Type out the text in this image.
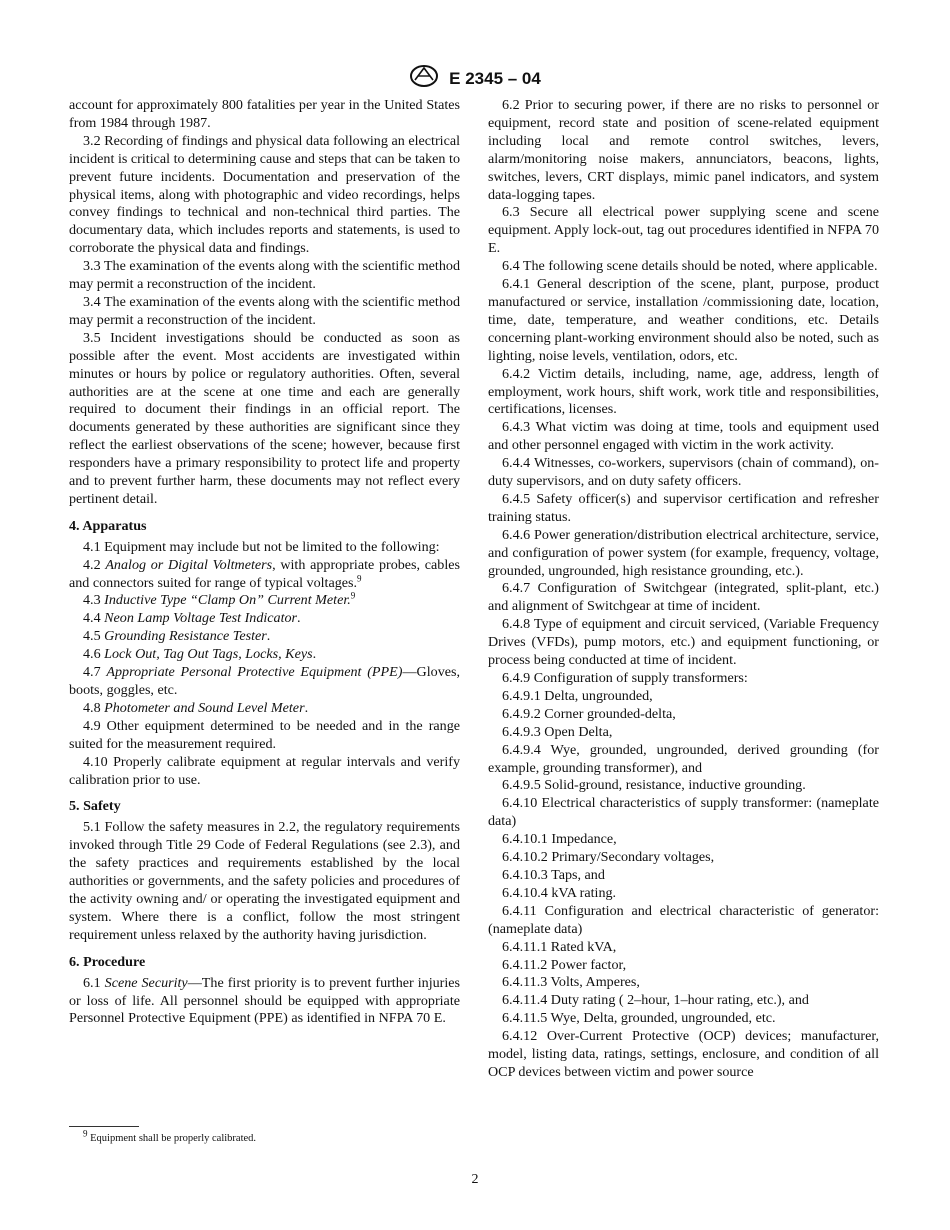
E 2345 – 04

account for approximately 800 fatalities per year in the United States from 1984 through 1987.

3.2 Recording of findings and physical data following an electrical incident is critical to determining cause and steps that can be taken to prevent future incidents. Documentation and preservation of the physical items, along with photographic and video recordings, helps convey findings to technical and non-technical third parties. The documentary data, which includes reports and statements, is used to corroborate the physical data and findings.

3.3 The examination of the events along with the scientific method may permit a reconstruction of the incident.

3.4 The examination of the events along with the scientific method may permit a reconstruction of the incident.

3.5 Incident investigations should be conducted as soon as possible after the event. Most accidents are investigated within minutes or hours by police or regulatory authorities. Often, several authorities are at the scene at one time and each are generally required to document their findings in an official report. The documents generated by these authorities are significant since they reflect the earliest observations of the scene; however, because first responders have a primary responsibility to protect life and property and to prevent further harm, these documents may not reflect every pertinent detail.

4. Apparatus

4.1 Equipment may include but not be limited to the following:

4.2 Analog or Digital Voltmeters, with appropriate probes, cables and connectors suited for range of typical voltages.$^9$

4.3 Inductive Type “Clamp On” Current Meter.$^9$

4.4 Neon Lamp Voltage Test Indicator.

4.5 Grounding Resistance Tester.

4.6 Lock Out, Tag Out Tags, Locks, Keys.

4.7 Appropriate Personal Protective Equipment (PPE)—Gloves, boots, goggles, etc.

4.8 Photometer and Sound Level Meter.

4.9 Other equipment determined to be needed and in the range suited for the measurement required.

4.10 Properly calibrate equipment at regular intervals and verify calibration prior to use.

5. Safety

5.1 Follow the safety measures in 2.2, the regulatory requirements invoked through Title 29 Code of Federal Regulations (see 2.3), and the safety practices and requirements established by the local authorities or governments, and the safety policies and procedures of the activity owning and/ or operating the investigated equipment and system. Where there is a conflict, follow the most stringent requirement unless relaxed by the authority having jurisdiction.

6. Procedure

6.1 Scene Security—The first priority is to prevent further injuries or loss of life. All personnel should be equipped with appropriate Personnel Protective Equipment (PPE) as identified in NFPA 70 E.

6.2 Prior to securing power, if there are no risks to personnel or equipment, record state and position of scene-related equipment including local and remote control switches, levers, alarm/monitoring noise makers, annunciators, beacons, lights, switches, levers, CRT displays, mimic panel indicators, and system data-logging tapes.

6.3 Secure all electrical power supplying scene and scene equipment. Apply lock-out, tag out procedures identified in NFPA 70 E.

6.4 The following scene details should be noted, where applicable.

6.4.1 General description of the scene, plant, purpose, product manufactured or service, installation /commissioning date, location, time, date, temperature, and weather conditions, etc. Details concerning plant-working environment should also be noted, such as lighting, noise levels, ventilation, odors, etc.

6.4.2 Victim details, including, name, age, address, length of employment, work hours, shift work, work title and responsibilities, certifications, licenses.

6.4.3 What victim was doing at time, tools and equipment used and other personnel engaged with victim in the work activity.

6.4.4 Witnesses, co-workers, supervisors (chain of command), on-duty supervisors, and on duty safety officers.

6.4.5 Safety officer(s) and supervisor certification and refresher training status.

6.4.6 Power generation/distribution electrical architecture, service, and configuration of power system (for example, frequency, voltage, grounded, ungrounded, high resistance grounding, etc.).

6.4.7 Configuration of Switchgear (integrated, split-plant, etc.) and alignment of Switchgear at time of incident.

6.4.8 Type of equipment and circuit serviced, (Variable Frequency Drives (VFDs), pump motors, etc.) and equipment functioning, or process being conducted at time of incident.

6.4.9 Configuration of supply transformers:

6.4.9.1 Delta, ungrounded,

6.4.9.2 Corner grounded-delta,

6.4.9.3 Open Delta,

6.4.9.4 Wye, grounded, ungrounded, derived grounding (for example, grounding transformer), and

6.4.9.5 Solid-ground, resistance, inductive grounding.

6.4.10 Electrical characteristics of supply transformer: (nameplate data)

6.4.10.1 Impedance,

6.4.10.2 Primary/Secondary voltages,

6.4.10.3 Taps, and

6.4.10.4 kVA rating.

6.4.11 Configuration and electrical characteristic of generator: (nameplate data)

6.4.11.1 Rated kVA,

6.4.11.2 Power factor,

6.4.11.3 Volts, Amperes,

6.4.11.4 Duty rating ( 2–hour, 1–hour rating, etc.), and

6.4.11.5 Wye, Delta, grounded, ungrounded, etc.

6.4.12 Over-Current Protective (OCP) devices; manufacturer, model, listing data, ratings, settings, enclosure, and condition of all OCP devices between victim and power source

$^9$ Equipment shall be properly calibrated.
2
